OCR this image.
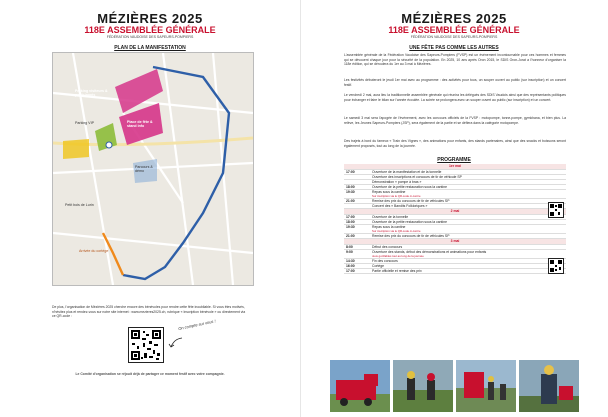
MÉZIÈRES 2025
118E ASSEMBLÉE GÉNÉRALE
FÉDÉRATION VAUDOISE DES SAPEURS-POMPIERS
PLAN DE LA MANIFESTATION
Parking visiteurs & participants
Place de fête & stand info
Parking VIP
Parcours & démo
Petit bois de Lurin
Arrivée du cortège
De plus, l'organisation de Mézières 2025 cherche encore des bénévoles pour rendre cette fête inoubliable. Si vous êtes motivés, n'hésitez plus et rendez-vous sur notre site internet : www.mezieres2025.ch, rubrique « Inscription bénévole » ou directement via ce QR-code :
On compte sur vous !
Le Comité d'organisation se réjouit déjà de partager ce moment festif avec votre compagnie.
MÉZIÈRES 2025
118E ASSEMBLÉE GÉNÉRALE
FÉDÉRATION VAUDOISE DES SAPEURS-POMPIERS
UNE FÊTE PAS COMME LES AUTRES
L'assemblée générale de la Fédération Vaudoise des Sapeurs-Pompiers (FVSP) est un événement incontournable pour ces hommes et femmes qui se dévouent chaque jour pour la sécurité de la population. En 2025, 10 ans après Oron 2015, le SDIS Oron-Jorat a l'honneur d'organiser la 118e édition, qui se déroulera du 1er au 3 mai à Mézières.
Les festivités débuteront le jeudi 1er mai avec au programme : des activités pour tous, un souper ouvert au public (sur inscription) et un concert festif.
Le vendredi 2 mai, aura lieu la traditionnelle assemblée générale qui réunira les délégués des SDIS Vaudois ainsi que des représentants politiques pour échanger et faire le bilan sur l'année écoulée. La soirée se prolongera avec un souper ouvert au public (sur inscription) et un concert.
Le samedi 3 mai sera l'apogée de l'événement, avec les concours officiels de la FVSP : motopompe, tonne-pompe, gymkhana, et bien plus. La relève, les Jeunes Sapeurs-Pompiers (JSP), sera également de la partie et se défiera dans la catégorie motopompe.
Des trajets à bord du fameux « Train des Vignes », des animations pour enfants, des stands partenaires, ainsi que des snacks et boissons seront également proposés, tout au long de la journée.
PROGRAMME
1er mai	
17:00	Ouverture de la manifestation et de la tonnelle
	Ouverture des inscriptions et concours de tir de véhicule SP
	Démonstration « pompe à bras »
18:00	Ouverture de la petite restauration sous la cantine
19:30	Repas sous la cantine
Sur inscription via le QR-code ci-contre

21:00	Remise des prix du concours de tir de véhicules SP
	Concert des « Bandits Folkloriques »
2 mai	
17:00	Ouverture de la tonnelle
18:00	Ouverture de la petite restauration sous la cantine
19:30	Repas sous la cantine
Sur inscription via le QR-code ci-contre

21:00	Remise des prix du concours de tir de véhicules SP
3 mai	
8:00	Début des concours
9:00	Ouverture des stands, début des démonstrations et animations pour enfants
Jeux gonflables tout au long de la journée

14:30	Fin des concours
16:00	Cortège
17:00	Partie officielle et remise des prix
